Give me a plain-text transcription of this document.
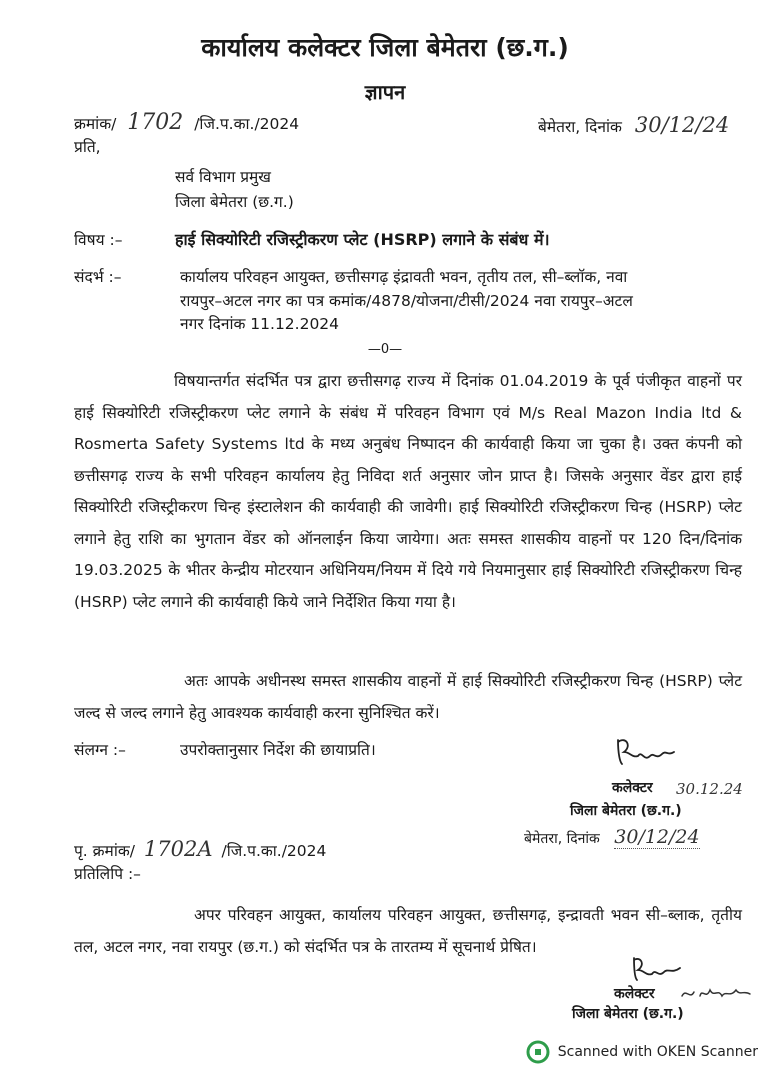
कार्यालय कलेक्टर जिला बेमेतरा (छ.ग.)
ज्ञापन
क्रमांक/ 1702 /जि.प.का./2024	बेमेतरा, दिनांक 30/12/24
प्रति,
सर्व विभाग प्रमुख
जिला बेमेतरा (छ.ग.)
विषय :–	हाई सिक्योरिटी रजिस्ट्रीकरण प्लेट (HSRP) लगाने के संबंध में।
संदर्भ :–	कार्यालय परिवहन आयुक्त, छत्तीसगढ़ इंद्रावती भवन, तृतीय तल, सी–ब्लॉक, नवा
रायपुर–अटल नगर का पत्र कमांक/4878/योजना/टीसी/2024 नवा रायपुर–अटल
नगर दिनांक 11.12.2024
—0—
विषयान्तर्गत संदर्भित पत्र द्वारा छत्तीसगढ़ राज्य में दिनांक 01.04.2019 के पूर्व पंजीकृत वाहनों पर हाई सिक्योरिटी रजिस्ट्रीकरण प्लेट लगाने के संबंध में परिवहन विभाग एवं M/s Real Mazon India ltd & Rosmerta Safety Systems ltd के मध्य अनुबंध निष्पादन की कार्यवाही किया जा चुका है। उक्त कंपनी को छत्तीसगढ़ राज्य के सभी परिवहन कार्यालय हेतु निविदा शर्त अनुसार जोन प्राप्त है। जिसके अनुसार वेंडर द्वारा हाई सिक्योरिटी रजिस्ट्रीकरण चिन्ह इंस्टालेशन की कार्यवाही की जावेगी। हाई सिक्योरिटी रजिस्ट्रीकरण चिन्ह (HSRP) प्लेट लगाने हेतु राशि का भुगतान वेंडर को ऑनलाईन किया जायेगा। अतः समस्त शासकीय वाहनों पर 120 दिन/दिनांक 19.03.2025 के भीतर केन्द्रीय मोटरयान अधिनियम/नियम में दिये गये नियमानुसार हाई सिक्योरिटी रजिस्ट्रीकरण चिन्ह (HSRP) प्लेट लगाने की कार्यवाही किये जाने निर्देशित किया गया है।
अतः आपके अधीनस्थ समस्त शासकीय वाहनों में हाई सिक्योरिटी रजिस्ट्रीकरण चिन्ह (HSRP) प्लेट जल्द से जल्द लगाने हेतु आवश्यक कार्यवाही करना सुनिश्चित करें।
संलग्न :–	उपरोक्तानुसार निर्देश की छायाप्रति।
कलेक्टर 30.12.24
जिला बेमेतरा (छ.ग.)
बेमेतरा, दिनांक 30/12/24
पृ. क्रमांक/ 1702A /जि.प.का./2024
प्रतिलिपि :–
अपर परिवहन आयुक्त, कार्यालय परिवहन आयुक्त, छत्तीसगढ़, इन्द्रावती भवन सी–ब्लाक, तृतीय तल, अटल नगर, नवा रायपुर (छ.ग.) को संदर्भित पत्र के तारतम्य में सूचनार्थ प्रेषित।
कलेक्टर
जिला बेमेतरा (छ.ग.)
Scanned with OKEN Scanner
